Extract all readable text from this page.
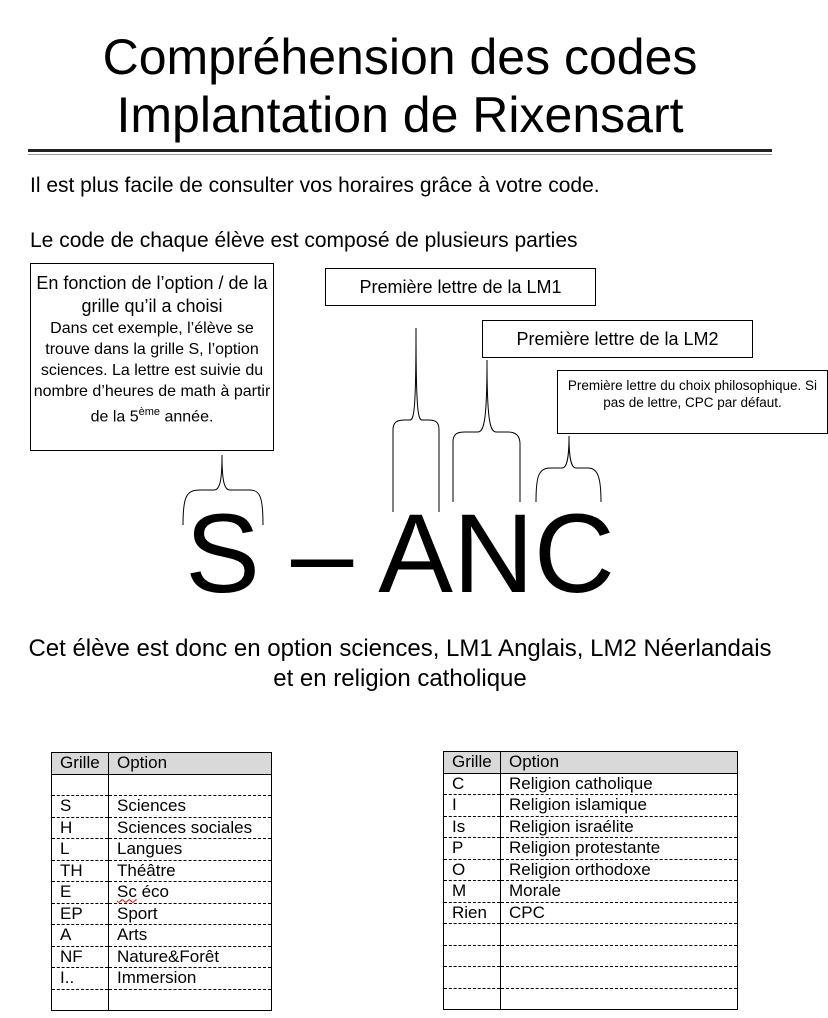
Compréhension des codes
Implantation de Rixensart
Il est plus facile de consulter vos horaires grâce à votre code.
Le code de chaque élève est composé de plusieurs parties
En fonction de l’option / de la grille qu’il a choisi
Dans cet exemple, l’élève se trouve dans la grille S, l’option sciences. La lettre est suivie du nombre d’heures de math à partir de la 5ème année.
Première lettre de la LM1
Première lettre de la LM2
Première lettre du choix philosophique. Si pas de lettre, CPC par défaut.
S – ANC
Cet élève est donc en option sciences, LM1 Anglais, LM2 Néerlandais et en religion catholique
Grille	Option

S	Sciences
H	Sciences sociales
L	Langues
TH	Théâtre
E	Sc éco
EP	Sport
A	Arts
NF	Nature&Forêt
I..	Immersion

Grille	Option
C	Religion catholique
I	Religion islamique
Is	Religion israélite
P	Religion protestante
O	Religion orthodoxe
M	Morale
Rien	CPC
